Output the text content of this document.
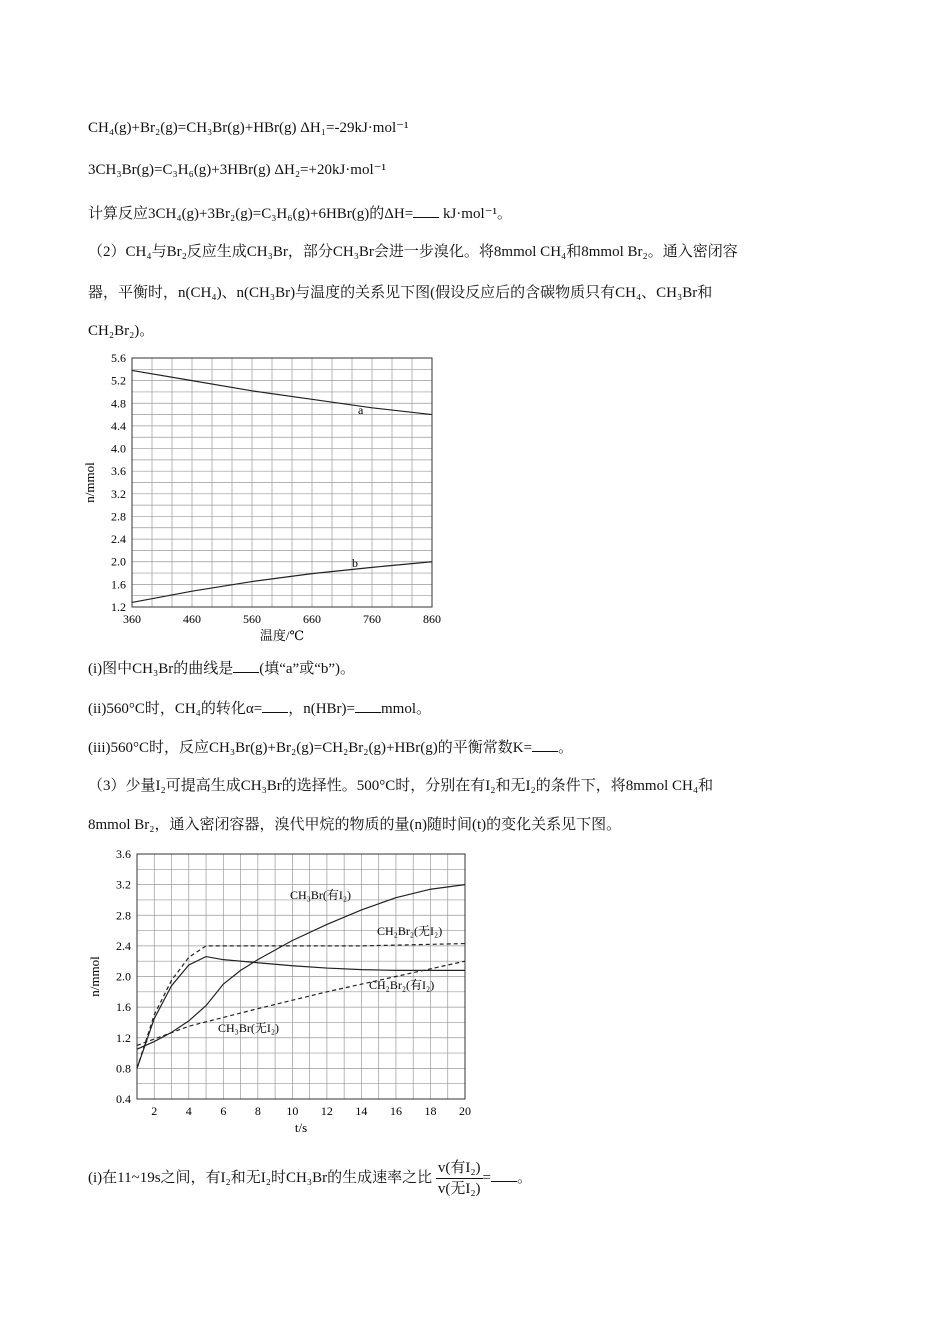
CH₄(g)+Br₂(g)=CH₃Br(g)+HBr(g) ΔH₁=-29kJ·mol⁻¹
3CH₃Br(g)=C₃H₆(g)+3HBr(g) ΔH₂=+20kJ·mol⁻¹
计算反应3CH₄(g)+3Br₂(g)=C₃H₆(g)+6HBr(g)的ΔH= kJ·mol⁻¹。
（2）CH₄与Br₂反应生成CH₃Br，部分CH₃Br会进一步溴化。将8mmol CH₄和8mmol Br₂。通入密闭容
器，平衡时，n(CH₄)、n(CH₃Br)与温度的关系见下图(假设反应后的含碳物质只有CH₄、CH₃Br和
CH₂Br₂)。
360	460	560	660	760	860
1.2
1.6
2.0
2.4
2.8
3.2
3.6
4.0
4.4
4.8
5.2
5.6
温度/℃
n/mmol
a
b
(i)图中CH₃Br的曲线是 (填“a”或“b”)。
(ii)560°C时，CH₄的转化α= ，n(HBr)= mmol。
(iii)560°C时，反应CH₃Br(g)+Br₂(g)=CH₂Br₂(g)+HBr(g)的平衡常数K= 。
（3）少量I₂可提高生成CH₃Br的选择性。500°C时，分别在有I₂和无I₂的条件下，将8mmol CH₄和
8mmol Br₂，通入密闭容器，溴代甲烷的物质的量(n)随时间(t)的变化关系见下图。
2 4 6 8 10 12 14 16 18 20
0.4
0.8
1.2
1.6
2.0
2.4
2.8
3.2
3.6
t/s
n/mmol
CH₃Br(有I₂)
CH₂Br₂(无I₂)
CH₂Br₂(有I₂)
CH₃Br(无I₂)
(i)在11~19s之间，有I₂和无I₂时CH₃Br的生成速率之比 $\frac{\text{v(有I₂)}}{\text{v(无I₂)}}$ = 。
